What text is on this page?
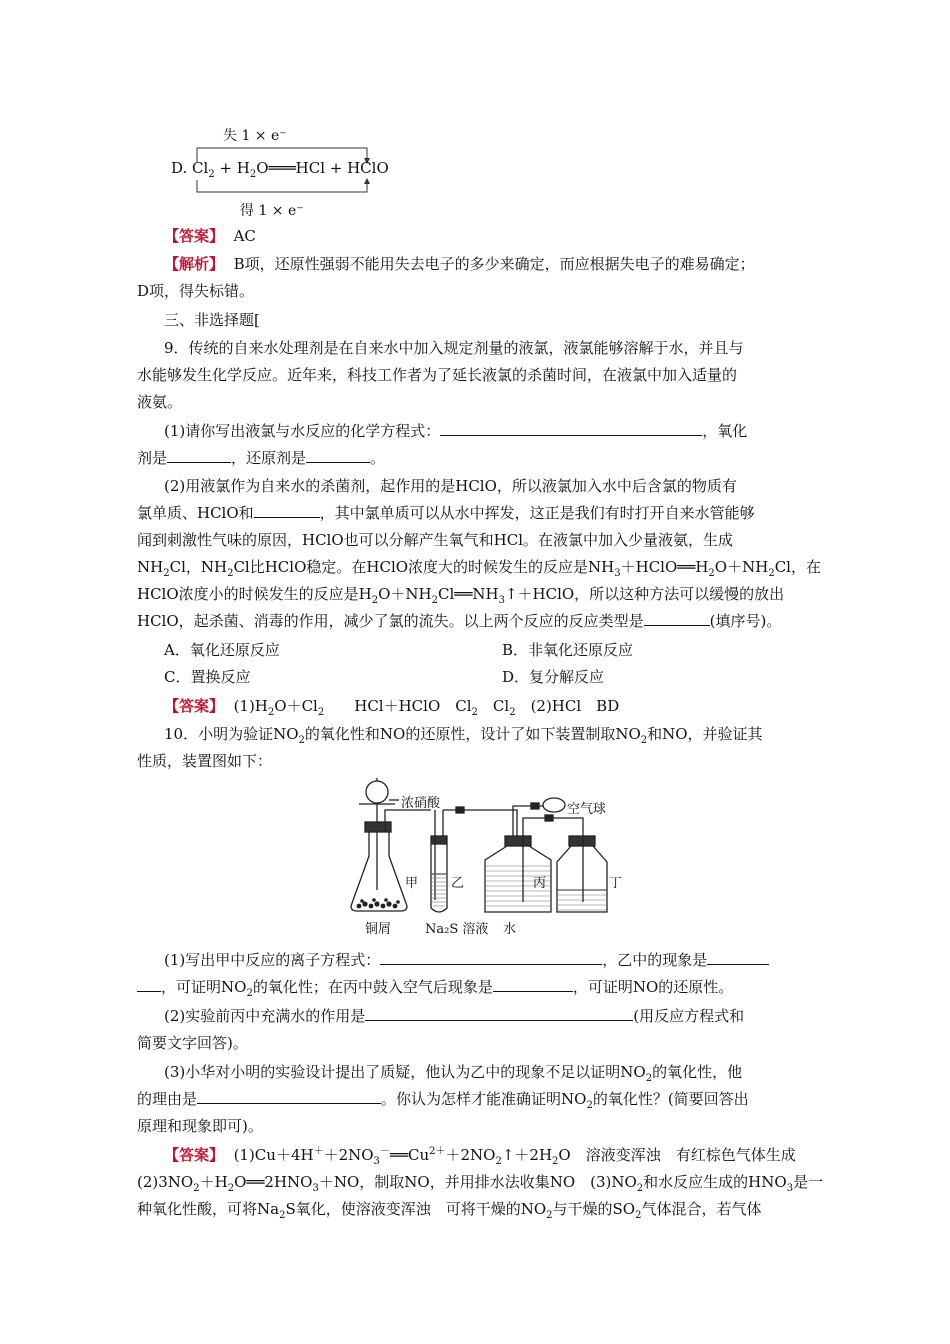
失 1 × e⁻
得 1 × e⁻
D. $Cl_2$ + $H_2O═══HCl$ + HClO
【答案】 AC
【解析】 B项，还原性强弱不能用失去电子的多少来确定，而应根据失电子的难易确定；
D项，得失标错。
三、非选择题[
9．传统的自来水处理剂是在自来水中加入规定剂量的液氯，液氯能够溶解于水，并且与
水能够发生化学反应。近年来，科技工作者为了延长液氯的杀菌时间，在液氯中加入适量的
液氨。
(1)请你写出液氯与水反应的化学方程式：	，氧化
剂是	，还原剂是	。
(2)用液氯作为自来水的杀菌剂，起作用的是HClO，所以液氯加入水中后含氯的物质有
氯单质、HClO和	，其中氯单质可以从水中挥发，这正是我们有时打开自来水管能够
闻到刺激性气味的原因，HClO也可以分解产生氧气和HCl。在液氯中加入少量液氨，生成
$NH_2Cl$，$NH_2Cl$比HClO稳定。在HClO浓度大的时候发生的反应是$NH_3+HClO══H_2O+NH_2Cl$，在
HClO浓度小的时候发生的反应是$H_2O+NH_2Cl══NH_3↑+HClO$，所以这种方法可以缓慢的放出
HClO，起杀菌、消毒的作用，减少了氯的流失。以上两个反应的反应类型是	(填序号)。
A．氧化还原反应	B．非氧化还原反应
C．置换反应	D．复分解反应
【答案】 $(1)H_2O+Cl_2$　　HCl＋HClO　$Cl_2$　$Cl_2$　(2)HCl　BD
10．小明为验证$NO_2$的氧化性和NO的还原性，设计了如下装置制取$NO_2$和NO，并验证其
性质，装置图如下：
浓硝酸	空气球
甲	乙	丙	丁
铜屑	Na₂S 溶液 水
(1)写出甲中反应的离子方程式：	，乙中的现象是
，可证明$NO_2$的氧化性；在丙中鼓入空气后现象是	，可证明NO的还原性。
(2)实验前丙中充满水的作用是	(用反应方程式和
简要文字回答)。
(3)小华对小明的实验设计提出了质疑，他认为乙中的现象不足以证明$NO_2$的氧化性，他
的理由是	。你认为怎样才能准确证明$NO_2$的氧化性？(简要回答出
原理和现象即可)。
【答案】 $(1)Cu+4H^++2NO_3^-══Cu^{2+}+2NO_2↑+2H_2O$　溶液变浑浊　有红棕色气体生成
$(2)3NO_2+H_2O══2HNO_3+NO$，制取NO，并用排水法收集NO　$(3)NO_2$和水反应生成的$HNO_3$是一
种氧化性酸，可将$Na_2S$氧化，使溶液变浑浊　可将干燥的$NO_2$与干燥的$SO_2$气体混合，若气体
